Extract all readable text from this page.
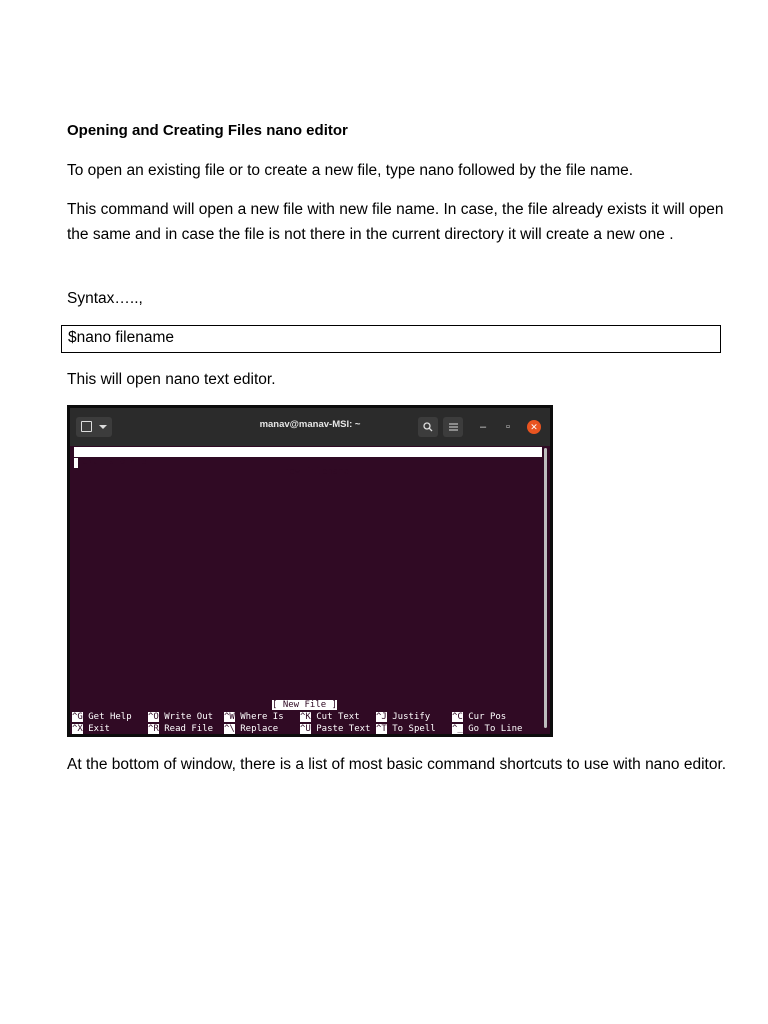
Opening and Creating Files nano editor

To open an existing file or to create a new file, type nano followed by the file name.

This command will open a new file with new file name. In case, the file already exists it will open the same and in case the file is not there in the current directory it will create a new one .

Syntax…..,

$nano filename

This will open nano text editor.

manav@manav-MSI: ~	–	▫	✕

GNU nano 4.3

new_filename

[ New File ]
^G Get Help ^O Write Out ^W Where Is ^K Cut Text ^J Justify ^C Cur Pos
^X Exit	^R Read File ^\ Replace ^U Paste Text ^T To Spell ^_ Go To Line

At the bottom of window, there is a list of most basic command shortcuts to use with nano editor.
